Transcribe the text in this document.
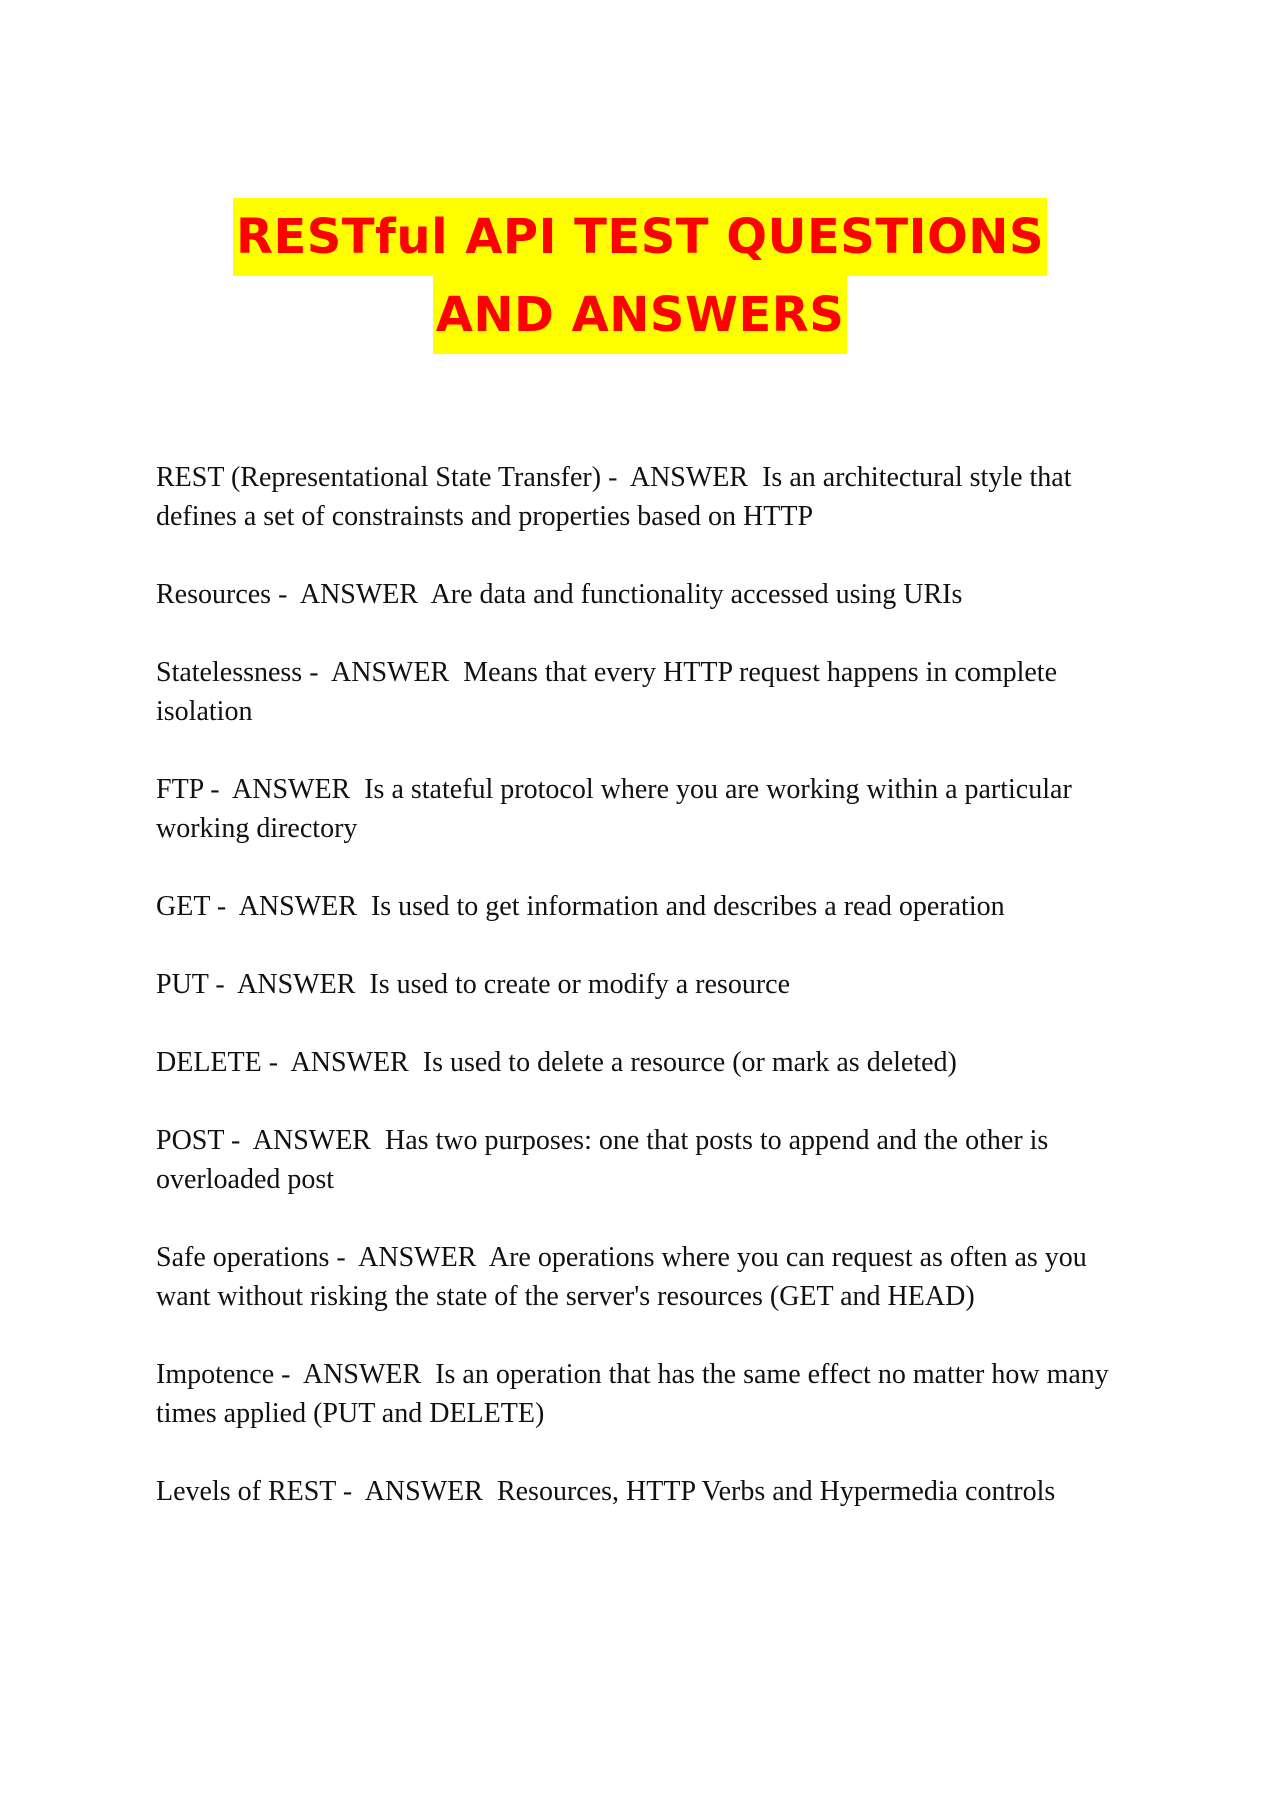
RESTful API TEST QUESTIONS
AND ANSWERS
REST (Representational State Transfer) -  ANSWER Is an architectural style that defines a set of constrainsts and properties based on HTTP
Resources -  ANSWER Are data and functionality accessed using URIs
Statelessness -  ANSWER Means that every HTTP request happens in complete isolation
FTP -  ANSWER Is a stateful protocol where you are working within a particular working directory
GET -  ANSWER Is used to get information and describes a read operation
PUT -  ANSWER Is used to create or modify a resource
DELETE -  ANSWER Is used to delete a resource (or mark as deleted)
POST -  ANSWER Has two purposes: one that posts to append and the other is overloaded post
Safe operations -  ANSWER Are operations where you can request as often as you want without risking the state of the server's resources (GET and HEAD)
Impotence -  ANSWER Is an operation that has the same effect no matter how many times applied (PUT and DELETE)
Levels of REST -  ANSWER Resources, HTTP Verbs and Hypermedia controls
